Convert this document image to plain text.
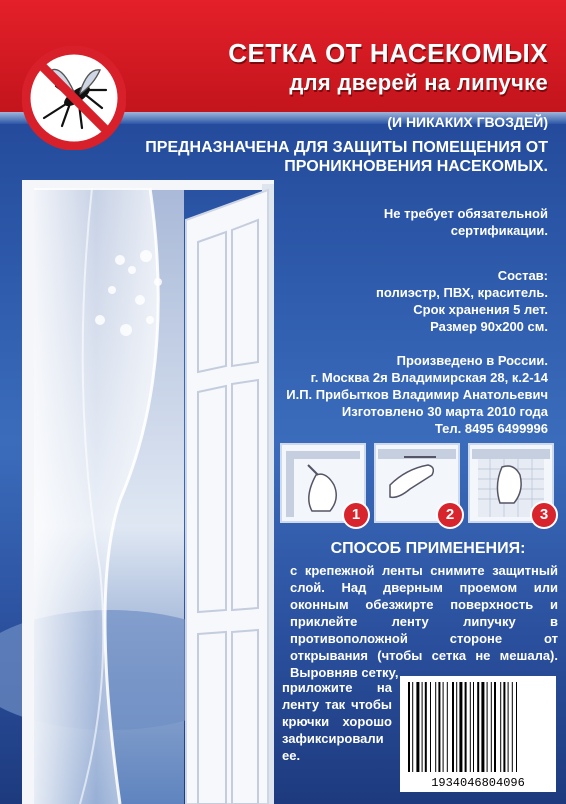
СЕТКА ОТ НАСЕКОМЫХ
для дверей на липучке
(И НИКАКИХ ГВОЗДЕЙ)
ПРЕДНАЗНАЧЕНА ДЛЯ ЗАЩИТЫ ПОМЕЩЕНИЯ ОТ ПРОНИКНОВЕНИЯ НАСЕКОМЫХ.
Не требует обязательной
сертификации.
Состав:
полиэстр, ПВХ, краситель.
Срок хранения 5 лет.
Размер 90х200 см.
Произведено в России.
г. Москва 2я Владимирская 28, к.2-14
И.П. Прибытков Владимир Анатольевич
Изготовлено 30 марта 2010 года
Тел. 8495 6499996
1	2	3
СПОСОБ ПРИМЕНЕНИЯ:
с крепежной ленты снимите защитный слой. Над дверным проемом или оконным обезжирте поверхность и приклейте ленту липучку в противоположной стороне от открывания (чтобы сетка не мешала). Выровняв сетку,
приложите на ленту так чтобы крючки хорошо зафиксировали ее.
1934046804096
